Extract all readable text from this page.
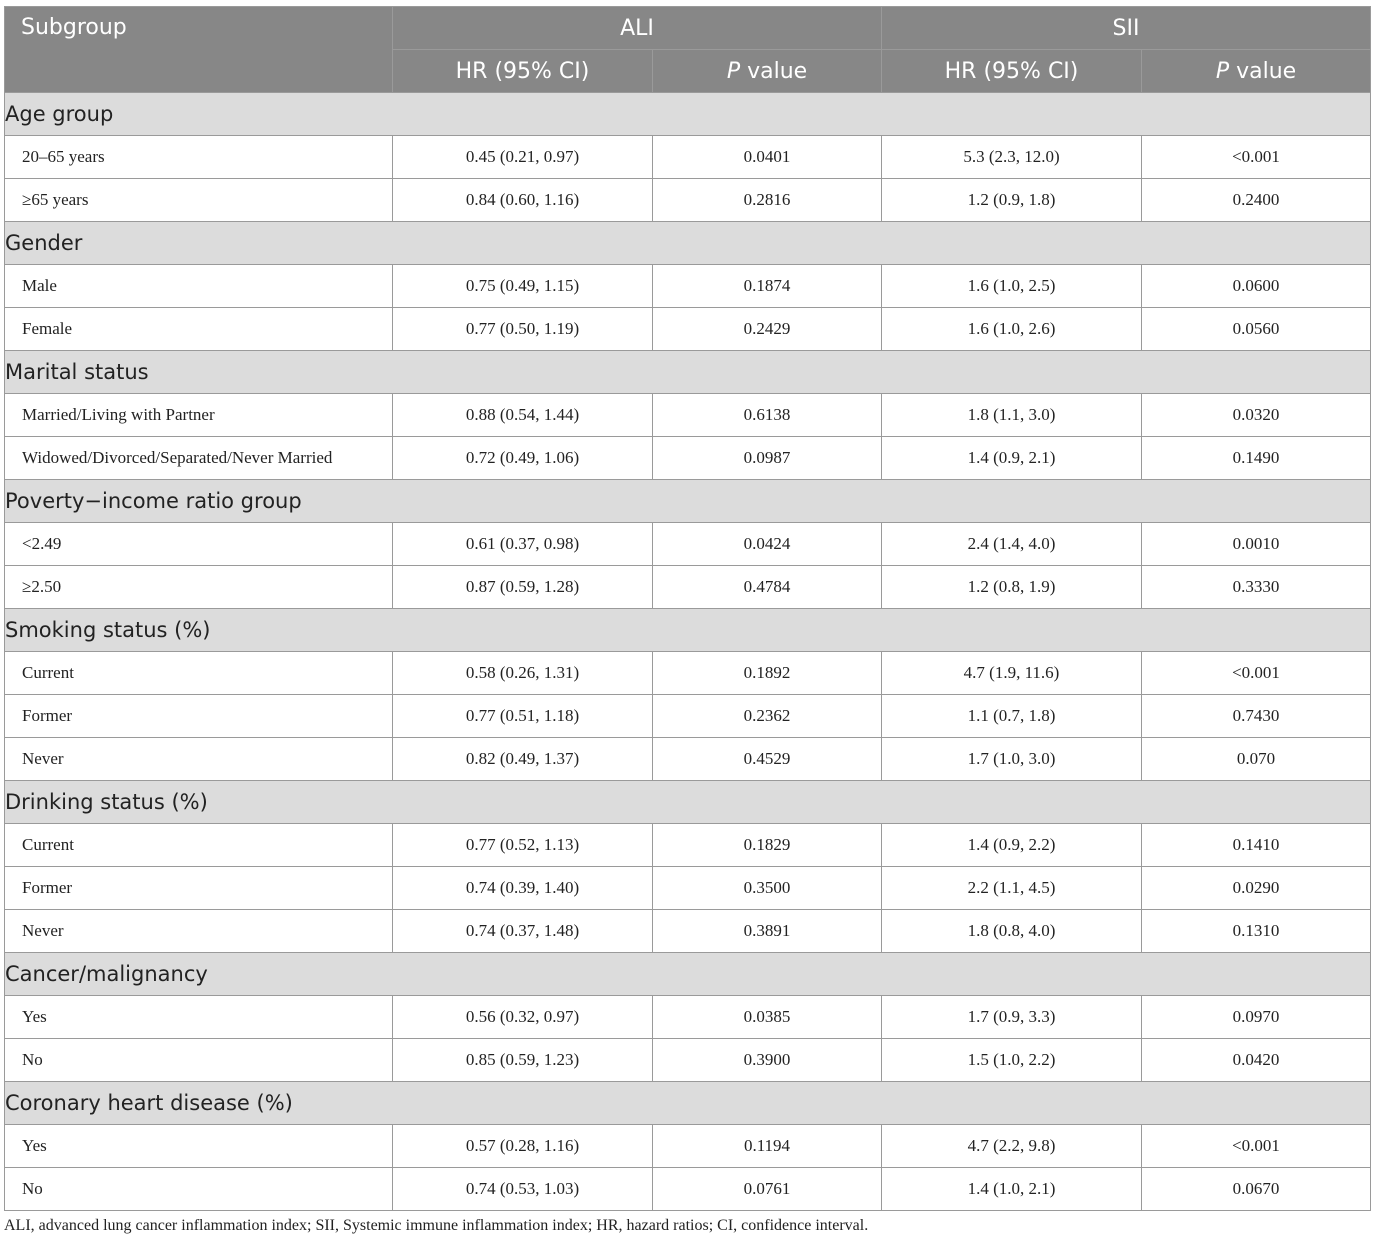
Subgroup	ALI		SII	
	HR (95% CI)	P value	HR (95% CI)	P value
Age group				
20–65 years	0.45 (0.21, 0.97)	0.0401	5.3 (2.3, 12.0)	<0.001
≥65 years	0.84 (0.60, 1.16)	0.2816	1.2 (0.9, 1.8)	0.2400
Gender				
Male	0.75 (0.49, 1.15)	0.1874	1.6 (1.0, 2.5)	0.0600
Female	0.77 (0.50, 1.19)	0.2429	1.6 (1.0, 2.6)	0.0560
Marital status				
Married/Living with Partner	0.88 (0.54, 1.44)	0.6138	1.8 (1.1, 3.0)	0.0320
Widowed/Divorced/Separated/Never Married	0.72 (0.49, 1.06)	0.0987	1.4 (0.9, 2.1)	0.1490
Poverty−income ratio group				
<2.49	0.61 (0.37, 0.98)	0.0424	2.4 (1.4, 4.0)	0.0010
≥2.50	0.87 (0.59, 1.28)	0.4784	1.2 (0.8, 1.9)	0.3330
Smoking status (%)				
Current	0.58 (0.26, 1.31)	0.1892	4.7 (1.9, 11.6)	<0.001
Former	0.77 (0.51, 1.18)	0.2362	1.1 (0.7, 1.8)	0.7430
Never	0.82 (0.49, 1.37)	0.4529	1.7 (1.0, 3.0)	0.070
Drinking status (%)				
Current	0.77 (0.52, 1.13)	0.1829	1.4 (0.9, 2.2)	0.1410
Former	0.74 (0.39, 1.40)	0.3500	2.2 (1.1, 4.5)	0.0290
Never	0.74 (0.37, 1.48)	0.3891	1.8 (0.8, 4.0)	0.1310
Cancer/malignancy				
Yes	0.56 (0.32, 0.97)	0.0385	1.7 (0.9, 3.3)	0.0970
No	0.85 (0.59, 1.23)	0.3900	1.5 (1.0, 2.2)	0.0420
Coronary heart disease (%)				
Yes	0.57 (0.28, 1.16)	0.1194	4.7 (2.2, 9.8)	<0.001
No	0.74 (0.53, 1.03)	0.0761	1.4 (1.0, 2.1)	0.0670
ALI, advanced lung cancer inflammation index; SII, Systemic immune inflammation index; HR, hazard ratios; CI, confidence interval.
